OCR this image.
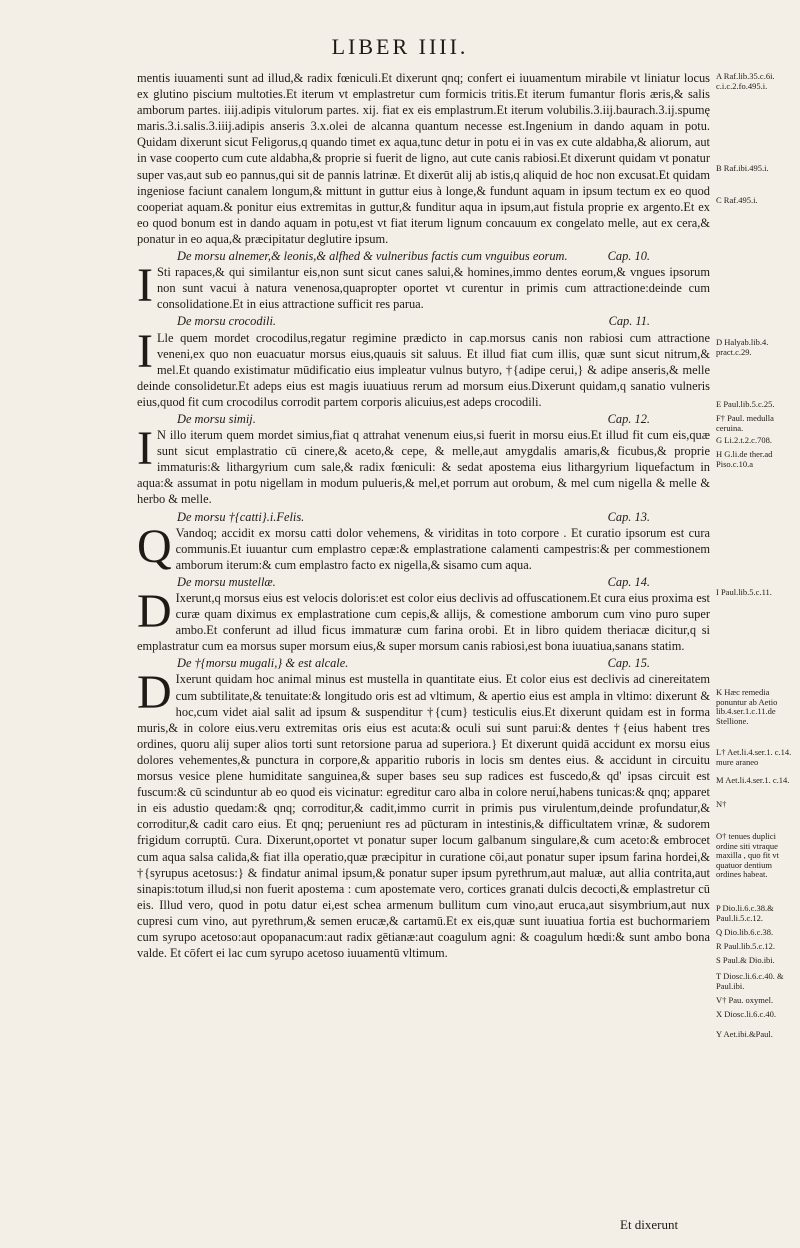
LIBER IIII.

mentis iuuamenti sunt ad illud,& radix fœniculi.Et dixerunt qnq; confert ei iuuamentum mirabile vt liniatur locus ex glutino piscium multoties.Et iterum vt emplastretur cum formicis tritis.Et iterum fumantur floris æris,& salis amborum partes. iiij.adipis vitulorum partes. xij. fiat ex eis emplastrum.Et iterum volubilis.3.iij.baurach.3.ij.spumę maris.3.i.salis.3.iiij.adipis anseris 3.x.olei de alcanna quantum necesse est.Ingenium in dando aquam in potu. Quidam dixerunt sicut Feligorus,q quando timet ex aqua,tunc detur in potu ei in vas ex cute aldabha,& aliorum, aut in vase cooperto cum cute aldabha,& proprie si fuerit de ligno, aut cute canis rabiosi.Et dixerunt quidam vt ponatur super vas,aut sub eo pannus,qui sit de pannis latrinæ. Et dixerūt alij ab istis,q aliquid de hoc non excusat.Et quidam ingeniose faciunt canalem longum,& mittunt in guttur eius à longe,& fundunt aquam in ipsum tectum ex eo quod cooperiat aquam.& ponitur eius extremitas in guttur,& funditur aqua in ipsum,aut fistula proprie ex argento.Et ex eo quod bonum est in dando aquam in potu,est vt fiat iterum lignum concauum ex congelato melle, aut ex cera,& ponatur in eo aqua,& præcipitatur deglutire ipsum.

De morsu alnemer,& leonis,& alfhed & vulneribus factis cum vnguibus eorum.	Cap. 10.

I Sti rapaces,& qui similantur eis,non sunt sicut canes salui,& homines,immo dentes eorum,& vngues ipsorum non sunt vacui à natura venenosa,quapropter oportet vt curentur in primis cum attractione:deinde cum consolidatione.Et in eius attractione sufficit res parua.

De morsu crocodili.	Cap. 11.

I Lle quem mordet crocodilus,regatur regimine prædicto in cap.morsus canis non rabiosi cum attractione veneni,ex quo non euacuatur morsus eius,quauis sit saluus. Et illud fiat cum illis, quæ sunt sicut nitrum,& mel.Et quando existimatur mūdificatio eius impleatur vulnus butyro, †{adipe cerui,} & adipe anseris,& melle deinde consolidetur.Et adeps eius est magis iuuatiuus rerum ad morsum eius.Dixerunt quidam,q sanatio vulneris eius,quod fit cum crocodilus corrodit partem corporis alicuius,est adeps crocodili.

De morsu simij.	Cap. 12.

I N illo iterum quem mordet simius,fiat q attrahat venenum eius,si fuerit in morsu eius.Et illud fit cum eis,quæ sunt sicut emplastratio cū cinere,& aceto,& cepe, & melle,aut amygdalis amaris,& ficubus,& proprie immaturis:& lithargyrium cum sale,& radix fœniculi: & sedat apostema eius lithargyrium liquefactum in aqua:& assumat in potu nigellam in modum pulueris,& mel,et porrum aut orobum, & mel cum nigella & melle & herbo & melle.

De morsu †{catti}.i.Felis.	Cap. 13.

Q Vandoq; accidit ex morsu catti dolor vehemens, & viriditas in toto corpore . Et curatio ipsorum est cura communis.Et iuuantur cum emplastro cepæ:& emplastratione calamenti campestris:& per commestionem amborum iterum:& cum emplastro facto ex nigella,& sisamo cum aqua.

De morsu mustellæ.	Cap. 14.

D Ixerunt,q morsus eius est velocis doloris:et est color eius declivis ad offuscationem.Et cura eius proxima est curæ quam diximus ex emplastratione cum cepis,& allijs, & comestione amborum cum vino puro super ambo.Et conferunt ad illud ficus immaturæ cum farina orobi. Et in libro quidem theriacæ dicitur,q si emplastratur cum ea morsus super morsum eius,& super morsum canis rabiosi,est bona iuuatiua,sanans statim.

De †{morsu mugali,} & est alcale.	Cap. 15.

D Ixerunt quidam hoc animal minus est mustella in quantitate eius. Et color eius est declivis ad cinereitatem cum subtilitate,& tenuitate:& longitudo oris est ad vltimum, & apertio eius est ampla in vltimo: dixerunt & hoc,cum videt aial salit ad ipsum & suspenditur †{cum} testiculis eius.Et dixerunt quidam est in forma muris,& in colore eius.veru extremitas oris eius est acuta:& oculi sui sunt parui:& dentes †{eius habent tres ordines, quoru alij super alios torti sunt retorsione parua ad superiora.} Et dixerunt quidā accidunt ex morsu eius dolores vehementes,& punctura in corpore,& apparitio ruboris in locis sm dentes eius. & accidunt in circuitu morsus vesice plene humiditate sanguinea,& super bases seu sup radices est fuscedo,& qd' ipsas circuit est fuscum:& cū scinduntur ab eo quod eis vicinatur: egreditur caro alba in colore neruí,habens tunicas:& qnq; apparet in eis adustio quedam:& qnq; corroditur,& cadit,immo currit in primis pus virulentum,deinde profundatur,& corroditur,& cadit caro eius. Et qnq; perueniunt res ad pūcturam in intestinis,& difficultatem vrinæ, & sudorem frigidum corruptū. Cura. Dixerunt,oportet vt ponatur super locum galbanum singulare,& cum aceto:& embrocet cum aqua salsa calida,& fiat illa operatio,quæ præcipitur in curatione cōi,aut ponatur super ipsum farina hordei,& †{syrupus acetosus:} & findatur animal ipsum,& ponatur super ipsum pyrethrum,aut maluæ, aut allia contrita,aut sinapis:totum illud,si non fuerit apostema : cum apostemate vero, cortices granati dulcis decocti,& emplastretur cū eis. Illud vero, quod in potu datur ei,est schea armenum bullitum cum vino,aut eruca,aut sisymbrium,aut nux cupresi cum vino, aut pyrethrum,& semen erucæ,& cartamū.Et ex eis,quæ sunt iuuatiua fortia est buchormariem cum syrupo acetoso:aut opopanacum:aut radix gētianæ:aut coagulum agni: & coagulum hœdi:& sunt ambo bona valde. Et cōfert ei lac cum syrupo acetoso iuuamentū vltimum.

A Raf.lib.35.c.6i. c.i.c.2.fo.495.i.
B Raf.ibi.495.i.
C Raf.495.i.
D Halyab.lib.4. pract.c.29.
E Paul.lib.5.c.25.
F† Paul. medulla ceruina.
G Li.2.t.2.c.708.
H G.li.de ther.ad Piso.c.10.a
I Paul.lib.5.c.11.
K Hæc remedia ponuntur ab Aetio lib.4.ser.1.c.11.de Stellione.
L† Aet.li.4.ser.1. c.14. mure araneo
M Aet.li.4.ser.1. c.14.
N†
O† tenues duplici ordine siti vtraque maxilla , quo fit vt quatuor dentium ordines habeat.
P Dio.li.6.c.38.& Paul.li.5.c.12.
Q Dio.lib.6.c.38.
R Paul.lib.5.c.12.
S Paul.& Dio.ibi.
T Diosc.li.6.c.40. & Paul.ibi.
V† Pau. oxymel.
X Diosc.li.6.c.40.
Y Aet.ibi.&Paul.
Et dixerunt
